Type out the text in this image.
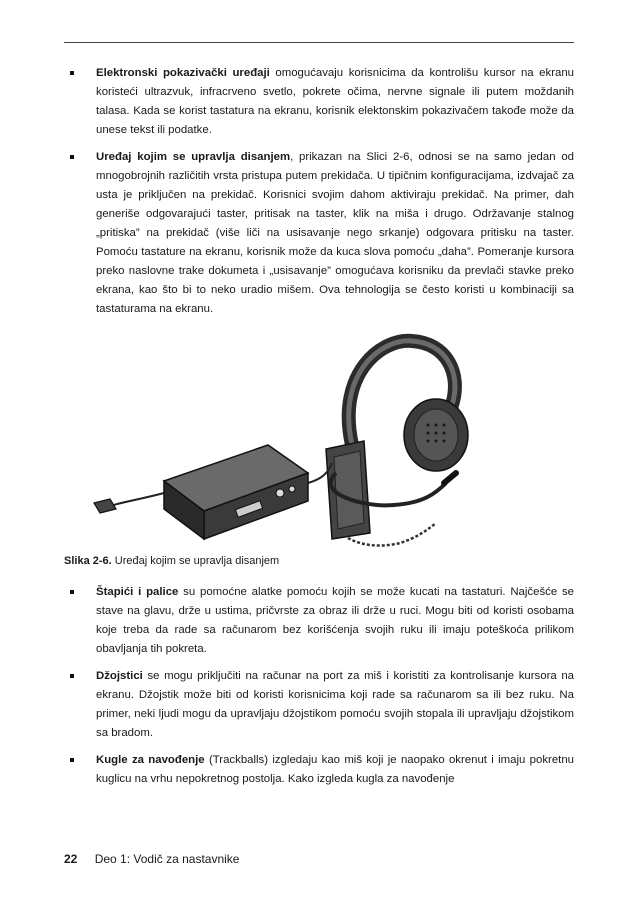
Elektronski pokazivački uređaji omogućavaju korisnicima da kontrolišu kursor na ekranu koristeći ultrazvuk, infracrveno svetlo, pokrete očima, nervne signale ili putem moždanih talasa. Kada se korist tastatura na ekranu, korisnik elektonskim pokazivačem takođe može da unese tekst ili podatke.
Uređaj kojim se upravlja disanjem, prikazan na Slici 2-6, odnosi se na samo jedan od mnogobrojnih različitih vrsta pristupa putem prekidača. U tipičnim konfiguracijama, izdvajač za usta je priključen na prekidač. Korisnici svojim dahom aktiviraju prekidač. Na primer, dah generiše odgovarajući taster, pritisak na taster, klik na miša i drugo. Održavanje stalnog „pritiska” na prekidač (više liči na usisavanje nego srkanje) odgovara pritisku na taster. Pomoću tastature na ekranu, korisnik može da kuca slova pomoću „daha”. Pomeranje kursora preko naslovne trake dokumeta i „usisavanje” omogućava korisniku da prevlači stavke preko ekrana, kao što bi to neko uradio mišem. Ova tehnologija se često koristi u kombinaciji sa tastaturama na ekranu.

Slika 2-6. Uređaj kojim se upravlja disanjem

Štapići i palice su pomoćne alatke pomoću kojih se može kucati na tastaturi. Najčešće se stave na glavu, drže u ustima, pričvrste za obraz ili drže u ruci. Mogu biti od koristi osobama koje treba da rade sa računarom bez korišćenja svojih ruku ili imaju poteškoća prilikom obavljanja tih pokreta.
Džojstici se mogu priključiti na računar na port za miš i koristiti za kontrolisanje kursora na ekranu. Džojstik može biti od koristi korisnicima koji rade sa računarom sa ili bez ruku. Na primer, neki ljudi mogu da upravljaju džojstikom pomoću svojih stopala ili upravljaju džojstikom sa bradom.
Kugle za navođenje (Trackballs) izgledaju kao miš koji je naopako okrenut i imaju pokretnu kuglicu na vrhu nepokretnog postolja. Kako izgleda kugla za navođenje
22 Deo 1: Vodič za nastavnike
